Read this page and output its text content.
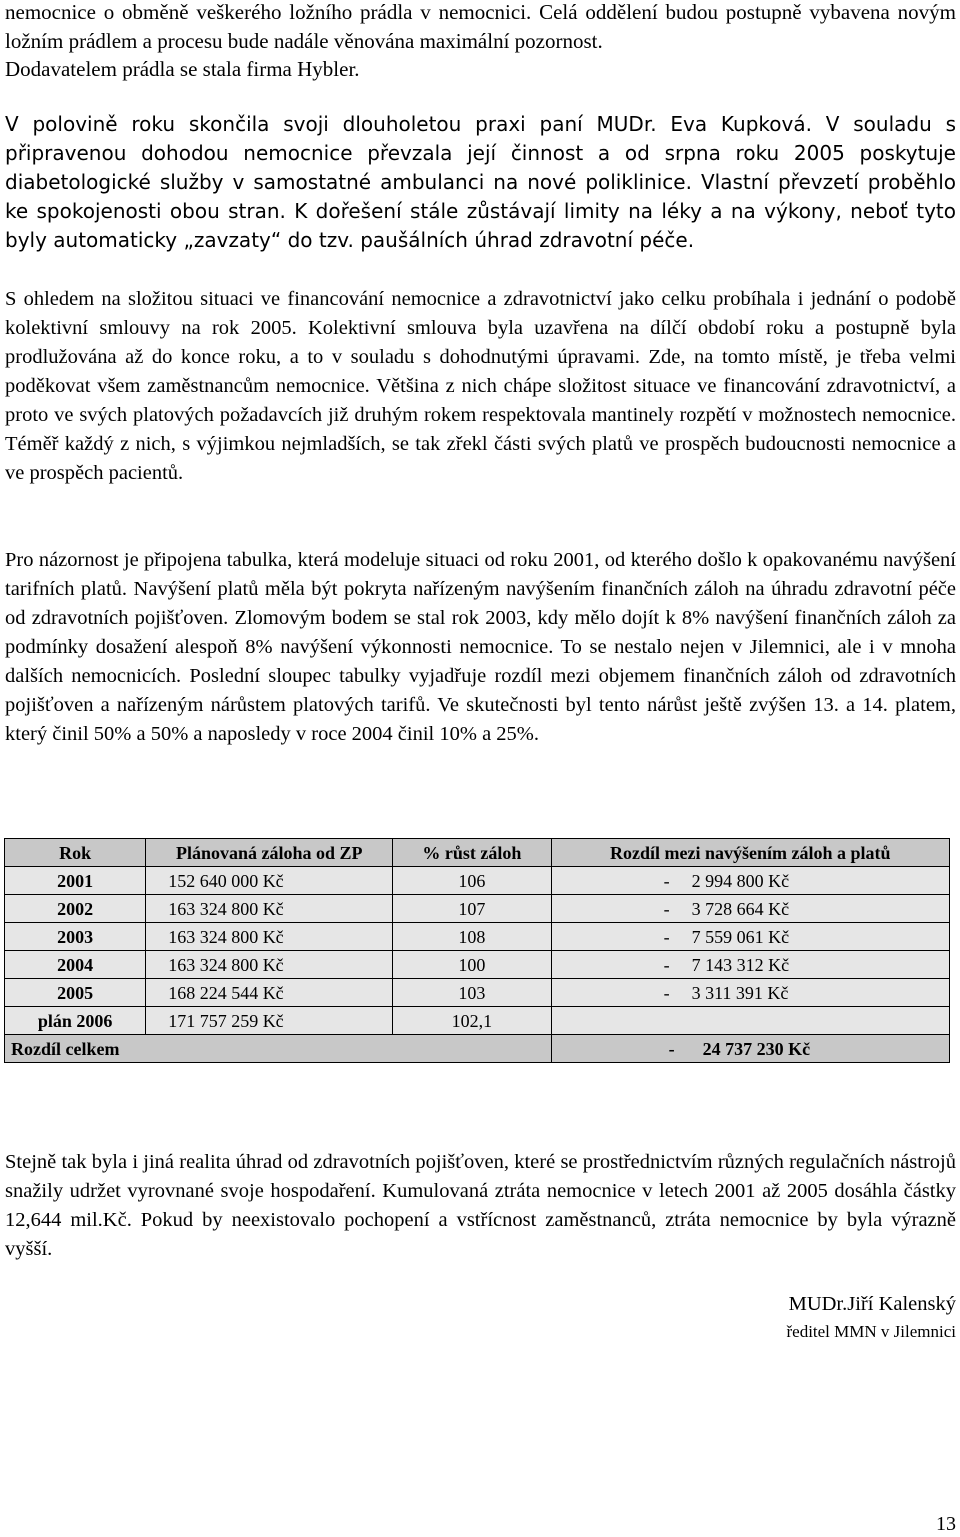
nemocnice o obměně veškerého ložního prádla v nemocnici. Celá oddělení budou postupně vybavena novým ložním prádlem a procesu bude nadále věnována maximální pozornost.

Dodavatelem prádla se stala firma Hybler.

V polovině roku skončila svoji dlouholetou praxi paní MUDr. Eva Kupková. V souladu s připravenou dohodou nemocnice převzala její činnost a od srpna roku 2005 poskytuje diabetologické služby v samostatné ambulanci na nové poliklinice. Vlastní převzetí proběhlo ke spokojenosti obou stran. K dořešení stále zůstávají limity na léky a na výkony, neboť tyto byly automaticky „zavzaty“ do tzv. paušálních úhrad zdravotní péče.

S ohledem na složitou situaci ve financování nemocnice a zdravotnictví jako celku probíhala i jednání o podobě kolektivní smlouvy na rok 2005. Kolektivní smlouva byla uzavřena na dílčí období roku a postupně byla prodlužována až do konce roku, a to v souladu s dohodnutými úpravami. Zde, na tomto místě, je třeba velmi poděkovat všem zaměstnancům nemocnice. Většina z nich chápe složitost situace ve financování zdravotnictví, a proto ve svých platových požadavcích již druhým rokem respektovala mantinely rozpětí v možnostech nemocnice. Téměř každý z nich, s výjimkou nejmladších, se tak zřekl části svých platů ve prospěch budoucnosti nemocnice a ve prospěch pacientů.

Pro názornost je připojena tabulka, která modeluje situaci od roku 2001, od kterého došlo k opakovanému navýšení tarifních platů. Navýšení platů měla být pokryta nařízeným navýšením finančních záloh na úhradu zdravotní péče od zdravotních pojišťoven. Zlomovým bodem se stal rok 2003, kdy mělo dojít k 8% navýšení finančních záloh za podmínky dosažení alespoň 8% navýšení výkonnosti nemocnice. To se nestalo nejen v Jilemnici, ale i v mnoha dalších nemocnicích. Poslední sloupec tabulky vyjadřuje rozdíl mezi objemem finančních záloh od zdravotních pojišťoven a nařízeným nárůstem platových tarifů. Ve skutečnosti byl tento nárůst ještě zvýšen 13. a 14. platem, který činil 50% a 50% a naposledy v roce 2004 činil 10% a 25%.

Rok	Plánovaná záloha od ZP	% růst záloh	Rozdíl mezi navýšením záloh a platů
2001	152 640 000 Kč	106	- 2 994 800 Kč
2002	163 324 800 Kč	107	- 3 728 664 Kč
2003	163 324 800 Kč	108	- 7 559 061 Kč
2004	163 324 800 Kč	100	- 7 143 312 Kč
2005	168 224 544 Kč	103	- 3 311 391 Kč
plán 2006	171 757 259 Kč	102,1	
Rozdíl celkem			- 24 737 230 Kč

Stejně tak byla i jiná realita úhrad od zdravotních pojišťoven, které se prostřednictvím různých regulačních nástrojů snažily udržet vyrovnané svoje hospodaření. Kumulovaná ztráta nemocnice v letech 2001 až 2005 dosáhla částky 12,644 mil.Kč. Pokud by neexistovalo pochopení a vstřícnost zaměstnanců, ztráta nemocnice by byla výrazně vyšší.

MUDr.Jiří Kalenský
ředitel MMN v Jilemnici
13
